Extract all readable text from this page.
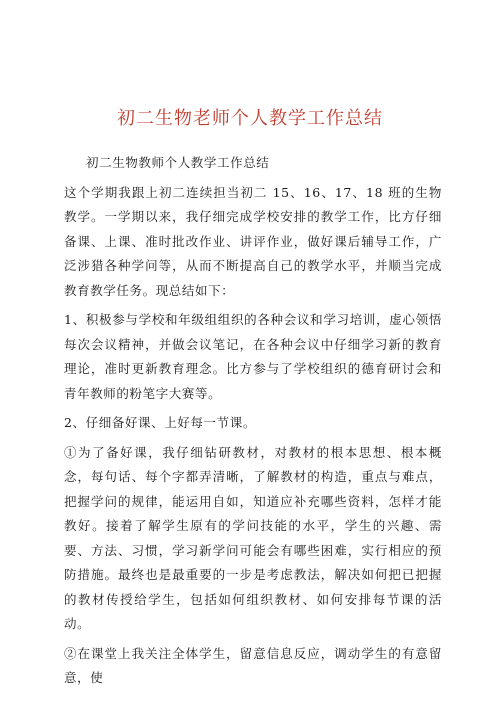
初二生物老师个人教学工作总结

初二生物教师个人教学工作总结

这个学期我跟上初二连续担当初二 15、16、17、18 班的生物教学。一学期以来，我仔细完成学校安排的教学工作，比方仔细备课、上课、准时批改作业、讲评作业，做好课后辅导工作，广泛涉猎各种学问等，从而不断提高自己的教学水平，并顺当完成教育教学任务。现总结如下：

1、积极参与学校和年级组组织的各种会议和学习培训，虚心领悟每次会议精神，并做会议笔记，在各种会议中仔细学习新的教育理论，准时更新教育理念。比方参与了学校组织的德育研讨会和青年教师的粉笔字大赛等。

2、仔细备好课、上好每一节课。

①为了备好课，我仔细钻研教材，对教材的根本思想、根本概念，每句话、每个字都弄清晰，了解教材的构造，重点与难点，把握学问的规律，能运用自如，知道应补充哪些资料，怎样才能教好。接着了解学生原有的学问技能的水平，学生的兴趣、需要、方法、习惯，学习新学问可能会有哪些困难，实行相应的预防措施。最终也是最重要的一步是考虑教法，解决如何把已把握的教材传授给学生，包括如何组织教材、如何安排每节课的活动。

②在课堂上我关注全体学生，留意信息反应，调动学生的有意留意，使
